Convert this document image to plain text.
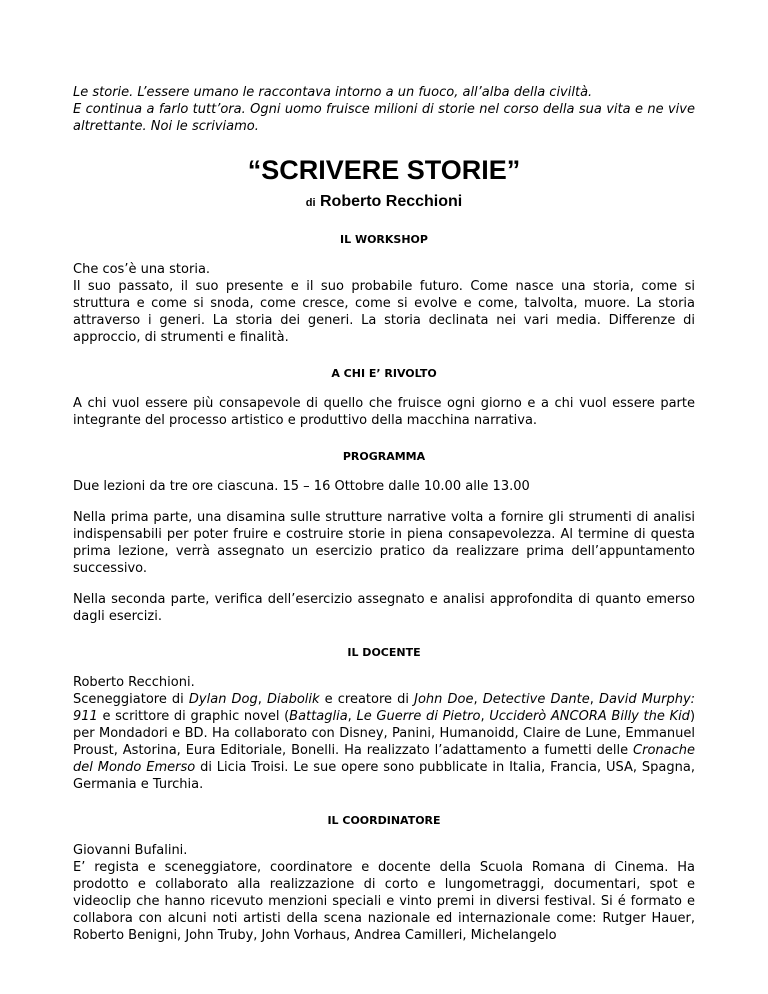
Le storie. L’essere umano le raccontava intorno a un fuoco, all’alba della civiltà.
E continua a farlo tutt’ora. Ogni uomo fruisce milioni di storie nel corso della sua vita e ne vive altrettante. Noi le scriviamo.

“SCRIVERE STORIE”

di Roberto Recchioni

IL WORKSHOP

Che cos’è una storia.
Il suo passato, il suo presente e il suo probabile futuro. Come nasce una storia, come si struttura e come si snoda, come cresce, come si evolve e come, talvolta, muore. La storia attraverso i generi. La storia dei generi. La storia declinata nei vari media. Differenze di approccio, di strumenti e finalità.

A CHI E’ RIVOLTO

A chi vuol essere più consapevole di quello che fruisce ogni giorno e a chi vuol essere parte integrante del processo artistico e produttivo della macchina narrativa.

PROGRAMMA

Due lezioni da tre ore ciascuna. 15 – 16 Ottobre dalle 10.00 alle 13.00

Nella prima parte, una disamina sulle strutture narrative volta a fornire gli strumenti di analisi indispensabili per poter fruire e costruire storie in piena consapevolezza. Al termine di questa prima lezione, verrà assegnato un esercizio pratico da realizzare prima dell’appuntamento successivo.

Nella seconda parte, verifica dell’esercizio assegnato e analisi approfondita di quanto emerso dagli esercizi.

IL DOCENTE

Roberto Recchioni.
Sceneggiatore di Dylan Dog, Diabolik e creatore di John Doe, Detective Dante, David Murphy: 911 e scrittore di graphic novel (Battaglia, Le Guerre di Pietro, Ucciderò ANCORA Billy the Kid) per Mondadori e BD. Ha collaborato con Disney, Panini, Humanoidd, Claire de Lune, Emmanuel Proust, Astorina, Eura Editoriale, Bonelli. Ha realizzato l’adattamento a fumetti delle Cronache del Mondo Emerso di Licia Troisi. Le sue opere sono pubblicate in Italia, Francia, USA, Spagna, Germania e Turchia.

IL COORDINATORE

Giovanni Bufalini.
E’ regista e sceneggiatore, coordinatore e docente della Scuola Romana di Cinema. Ha prodotto e collaborato alla realizzazione di corto e lungometraggi, documentari, spot e videoclip che hanno ricevuto menzioni speciali e vinto premi in diversi festival. Si é formato e collabora con alcuni noti artisti della scena nazionale ed internazionale come: Rutger Hauer, Roberto Benigni, John Truby, John Vorhaus, Andrea Camilleri, Michelangelo
